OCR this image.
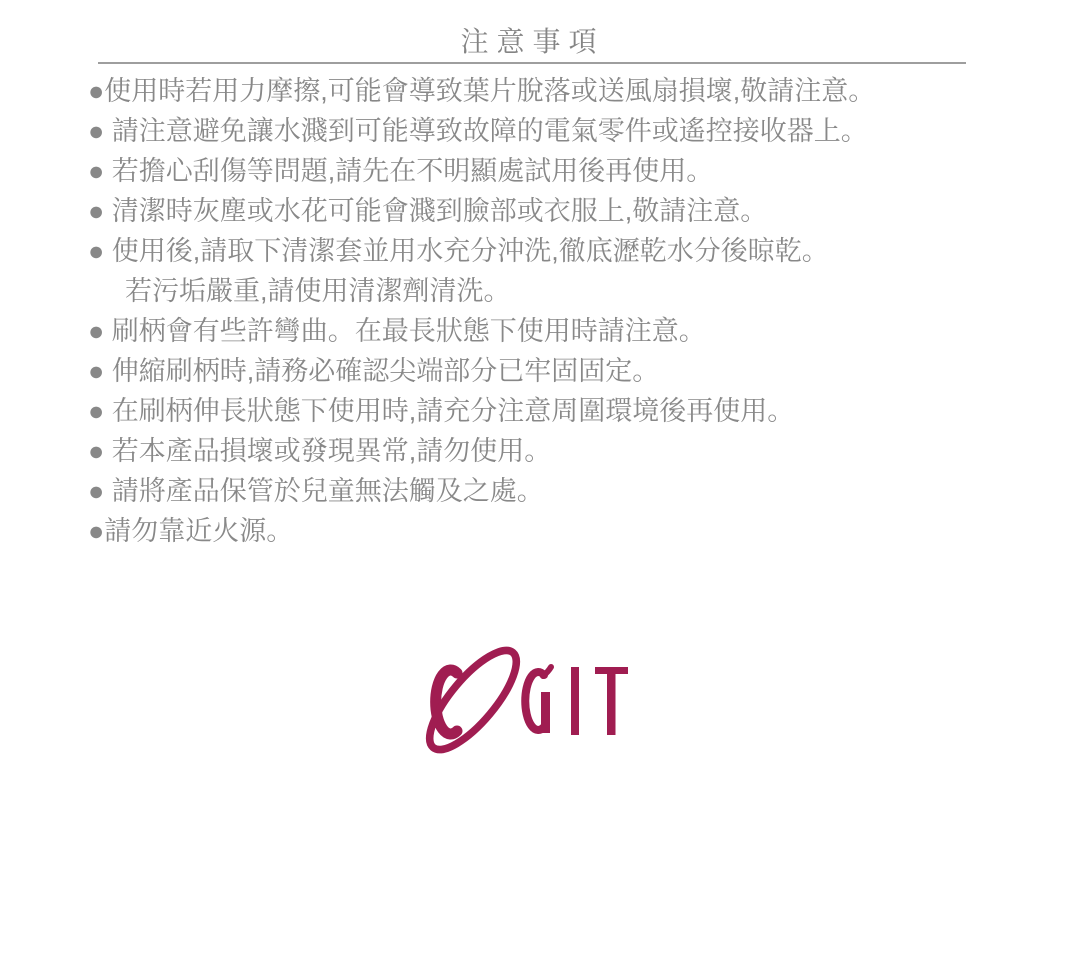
注意事項
●使用時若用力摩擦,可能會導致葉片脫落或送風扇損壞,敬請注意。
● 請注意避免讓水濺到可能導致故障的電氣零件或遙控接收器上。
● 若擔心刮傷等問題,請先在不明顯處試用後再使用。
● 清潔時灰塵或水花可能會濺到臉部或衣服上,敬請注意。
● 使用後,請取下清潔套並用水充分沖洗,徹底瀝乾水分後晾乾。
若污垢嚴重,請使用清潔劑清洗。
● 刷柄會有些許彎曲。在最長狀態下使用時請注意。
● 伸縮刷柄時,請務必確認尖端部分已牢固固定。
● 在刷柄伸長狀態下使用時,請充分注意周圍環境後再使用。
● 若本產品損壞或發現異常,請勿使用。
● 請將產品保管於兒童無法觸及之處。
●請勿靠近火源。
